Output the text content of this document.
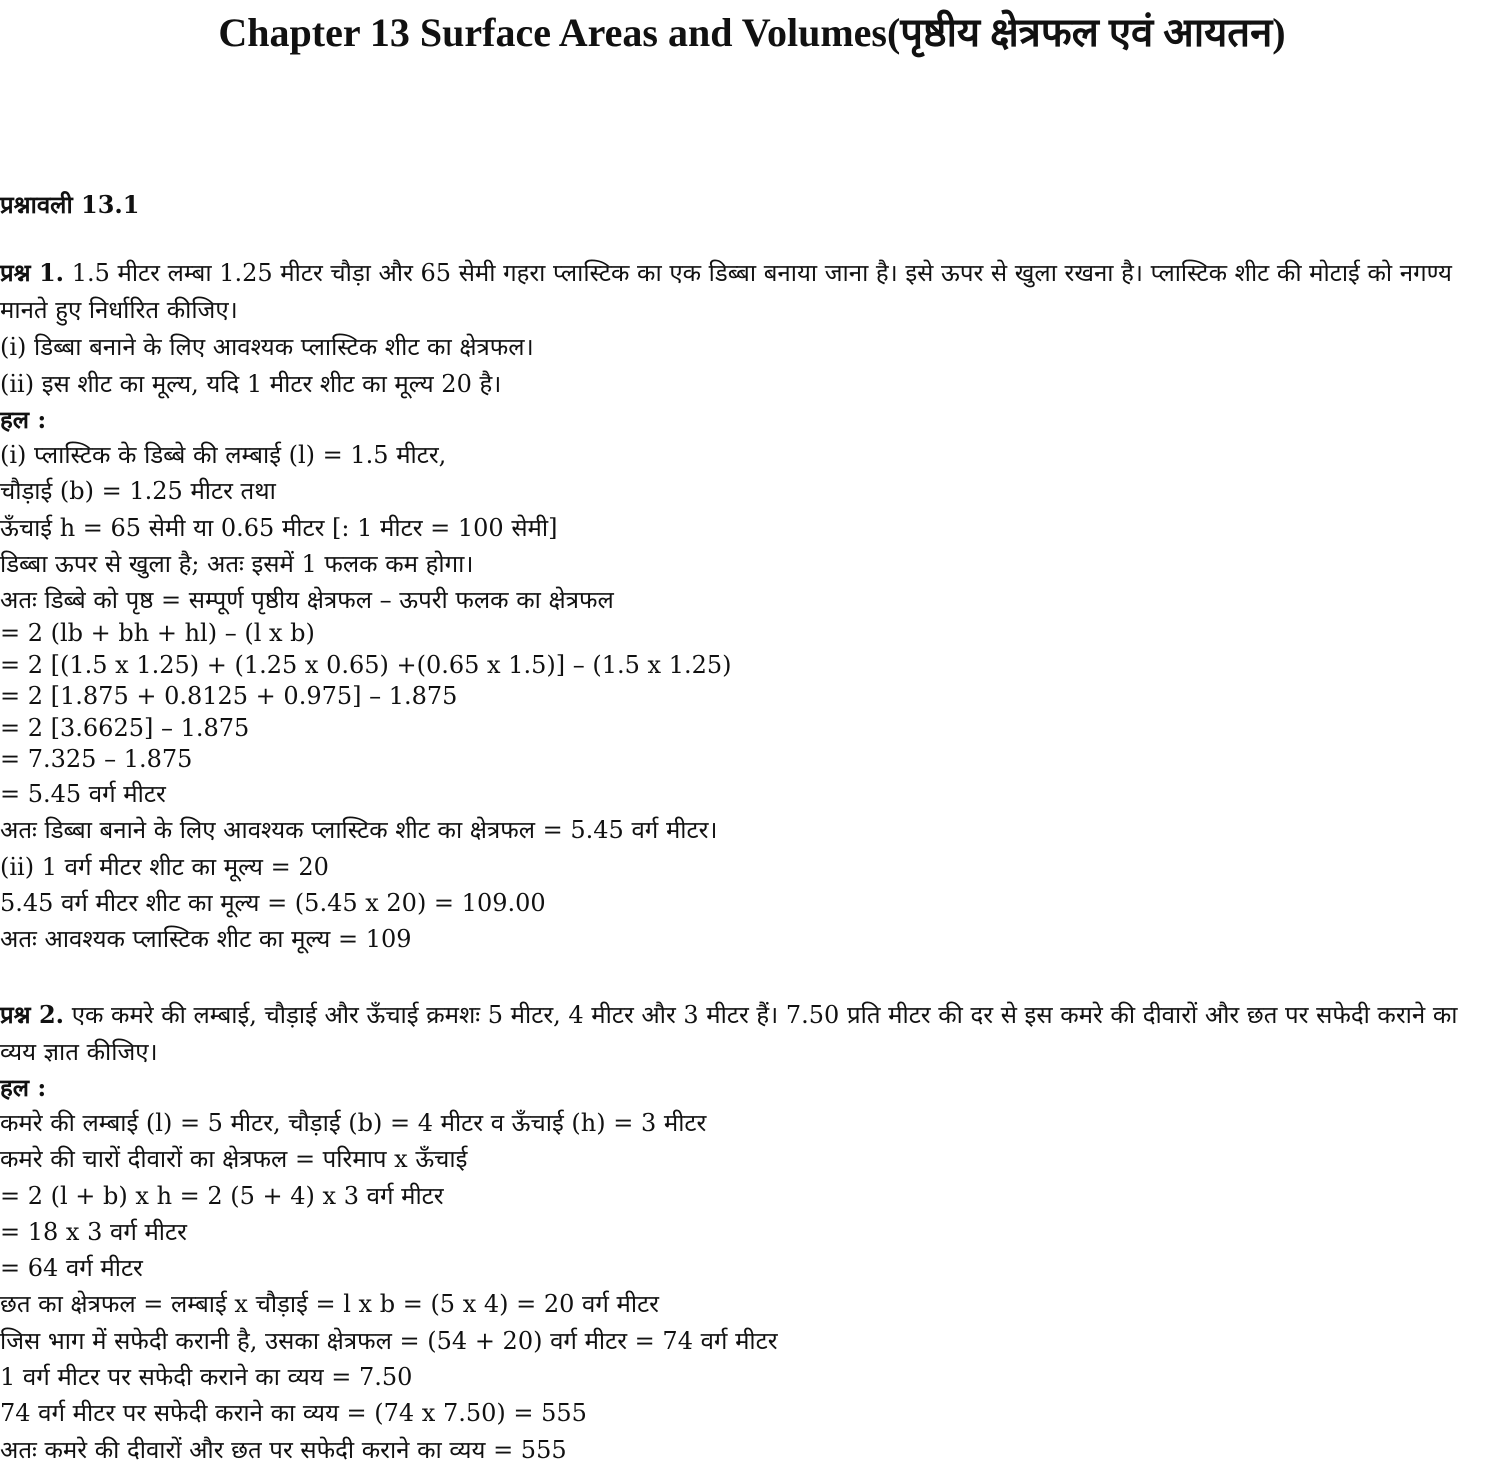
Chapter 13 Surface Areas and Volumes(पृष्ठीय क्षेत्रफल एवं आयतन)
प्रश्नावली 13.1

प्रश्न 1. 1.5 मीटर लम्बा 1.25 मीटर चौड़ा और 65 सेमी गहरा प्लास्टिक का एक डिब्बा बनाया जाना है। इसे ऊपर से खुला रखना है। प्लास्टिक शीट की मोटाई को नगण्य मानते हुए निर्धारित कीजिए।

(i) डिब्बा बनाने के लिए आवश्यक प्लास्टिक शीट का क्षेत्रफल।

(ii) इस शीट का मूल्य, यदि 1 मीटर शीट का मूल्य 20 है।

हल :

(i) प्लास्टिक के डिब्बे की लम्बाई (l) = 1.5 मीटर,

चौड़ाई (b) = 1.25 मीटर तथा

ऊँचाई h = 65 सेमी या 0.65 मीटर [: 1 मीटर = 100 सेमी]

डिब्बा ऊपर से खुला है; अतः इसमें 1 फलक कम होगा।

अतः डिब्बे को पृष्ठ = सम्पूर्ण पृष्ठीय क्षेत्रफल – ऊपरी फलक का क्षेत्रफल

= 2 (lb + bh + hl) – (l x b)

= 2 [(1.5 x 1.25) + (1.25 x 0.65) +(0.65 x 1.5)] – (1.5 x 1.25)

= 2 [1.875 + 0.8125 + 0.975] – 1.875

= 2 [3.6625] – 1.875

= 7.325 – 1.875

= 5.45 वर्ग मीटर

अतः डिब्बा बनाने के लिए आवश्यक प्लास्टिक शीट का क्षेत्रफल = 5.45 वर्ग मीटर।

(ii) 1 वर्ग मीटर शीट का मूल्य = 20

5.45 वर्ग मीटर शीट का मूल्य = (5.45 x 20) = 109.00

अतः आवश्यक प्लास्टिक शीट का मूल्य = 109

प्रश्न 2. एक कमरे की लम्बाई, चौड़ाई और ऊँचाई क्रमशः 5 मीटर, 4 मीटर और 3 मीटर हैं। 7.50 प्रति मीटर की दर से इस कमरे की दीवारों और छत पर सफेदी कराने का व्यय ज्ञात कीजिए।

हल :

कमरे की लम्बाई (l) = 5 मीटर, चौड़ाई (b) = 4 मीटर व ऊँचाई (h) = 3 मीटर

कमरे की चारों दीवारों का क्षेत्रफल = परिमाप x ऊँचाई

= 2 (l + b) x h = 2 (5 + 4) x 3 वर्ग मीटर

= 18 x 3 वर्ग मीटर

= 64 वर्ग मीटर

छत का क्षेत्रफल = लम्बाई x चौड़ाई = l x b = (5 x 4) = 20 वर्ग मीटर

जिस भाग में सफेदी करानी है, उसका क्षेत्रफल = (54 + 20) वर्ग मीटर = 74 वर्ग मीटर

1 वर्ग मीटर पर सफेदी कराने का व्यय = 7.50

74 वर्ग मीटर पर सफेदी कराने का व्यय = (74 x 7.50) = 555

अतः कमरे की दीवारों और छत पर सफेदी कराने का व्यय = 555
